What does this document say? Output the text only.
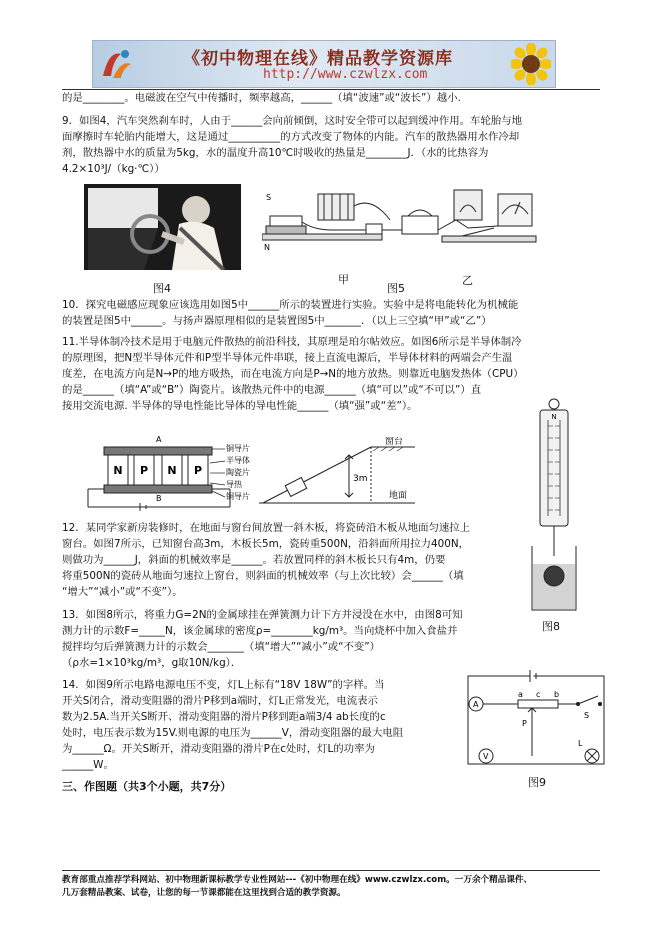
《初中物理在线》精品教学资源库
http://www.czwlzx.com
的是________。电磁波在空气中传播时，频率越高，______（填“波速”或“波长”）越小.
9．如图4，汽车突然刹车时，人由于______会向前倾倒，这时安全带可以起到缓冲作用。车轮胎与地
面摩擦时车轮胎内能增大，这是通过__________的方式改变了物体的内能。汽车的散热器用水作冷却
剂，散热器中水的质量为5kg，水的温度升高10℃时吸收的热量是________J．（水的比热容为
4.2×10³J/（kg·℃））
图4
S
N
甲
图5
乙
10．探究电磁感应现象应该选用如图5中______所示的装置进行实验。实验中是将电能转化为机械能
的装置是图5中______。与扬声器原理相似的是装置图5中_______．（以上三空填“甲”或“乙”）
11.半导体制冷技术是用于电脑元件散热的前沿科技，其原理是珀尔帖效应。如图6所示是半导体制冷
的原理图，把N型半导体元件和P型半导体元件串联，接上直流电源后，半导体材料的两端会产生温
度差，在电流方向是N→P的地方吸热，而在电流方向是P→N的地方放热。则靠近电脑发热体（CPU）
的是______（填“A”或“B”）陶瓷片。该散热元件中的电源______（填“可以”或“不可以”）直
接用交流电源. 半导体的导电性能比导体的导电性能______（填“强”或“差”）。
N P N P
A
B
铜导片
半导体
陶瓷片
导热
铜导片
窗台
地面
3m
N
图8
12．某同学家新房装修时，在地面与窗台间放置一斜木板，将瓷砖沿木板从地面匀速拉上
窗台。如图7所示，已知窗台高3m，木板长5m，瓷砖重500N，沿斜面所用拉力400N，
则做功为______J，斜面的机械效率是______。若放置同样的斜木板长只有4m，仍要
将重500N的瓷砖从地面匀速拉上窗台，则斜面的机械效率（与上次比较）会______（填
“增大”“减小”或“不变”）。
13．如图8所示，将重力G=2N的金属球挂在弹簧测力计下方并浸没在水中，由图8可知
测力计的示数F=_____N，该金属球的密度ρ=________kg/m³。当向烧杯中加入食盐并
搅拌均匀后弹簧测力计的示数会_______（填“增大”“减小”或“不变”）
（ρ水=1×10³kg/m³，g取10N/kg）．
14．如图9所示电路电源电压不变，灯L上标有“18V 18W”的字样。当
开关S闭合，滑动变阻器的滑片P移到a端时，灯L正常发光，电流表示
数为2.5A.当开关S断开、滑动变阻器的滑片P移到距a端3/4 ab长度的c
处时，电压表示数为15V.则电源的电压为______V，滑动变阻器的最大电阻
为______Ω。开关S断开，滑动变阻器的滑片P在c处时，灯L的功率为
______W。
A
a c b
P
S
V
L
图9
三、作图题（共3个小题，共7分）
教育部重点推荐学科网站、初中物理新课标教学专业性网站---《初中物理在线》www.czwlzx.com。一万余个精品课件、
几万套精品教案、试卷，让您的每一节课都能在这里找到合适的教学资源。
